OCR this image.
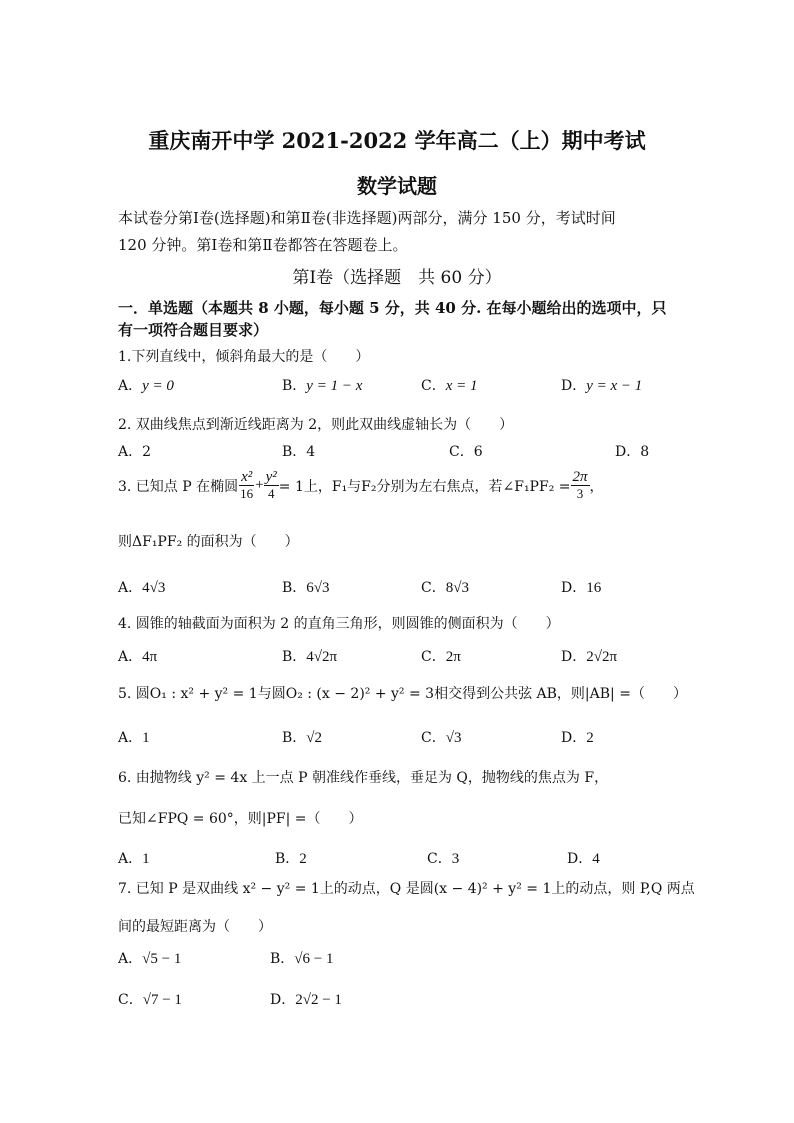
重庆南开中学 2021-2022 学年高二（上）期中考试
数学试题
本试卷分第Ⅰ卷(选择题)和第Ⅱ卷(非选择题)两部分，满分 150 分，考试时间
120 分钟。第Ⅰ卷和第Ⅱ卷都答在答题卷上。
第Ⅰ卷（选择题　共 60 分）
一．单选题（本题共 8 小题，每小题 5 分，共 40 分. 在每小题给出的选项中，只
有一项符合题目要求）
1.下列直线中，倾斜角最大的是（　　）
A．y = 0	B．y = 1 − x	C．x = 1	D．y = x − 1
2. 双曲线焦点到渐近线距离为 2，则此双曲线虚轴长为（　　）
A．2	B．4	C．6	D．8
3. 已知点 P 在椭圆 $\frac{\text{x²}}{16} + \frac{\text{y²}}{4} = 1$上，F₁与F₂分别为左右焦点，若∠F₁PF₂ = $\frac{2\pi}{3}$ ，
则ΔF₁PF₂ 的面积为（　　）
A．4√3	B．6√3	C．8√3	D．16
4. 圆锥的轴截面为面积为 2 的直角三角形，则圆锥的侧面积为（　　）
A．4π	B．4√2π	C．2π	D．2√2π
5. 圆O₁ : x² + y² = 1与圆O₂ : (x − 2)² + y² = 3相交得到公共弦 AB，则|AB| =（　　）
A．1	B．√2	C．√3	D．2
6. 由抛物线 y² = 4x 上一点 P 朝准线作垂线，垂足为 Q，抛物线的焦点为 F，
已知∠FPQ = 60°，则|PF| =（　　）
A．1	B．2	C．3	D．4
7. 已知 P 是双曲线 x² − y² = 1上的动点，Q 是圆(x − 4)² + y² = 1上的动点，则 P,Q 两点
间的最短距离为（　　）
A．√5 − 1	B．√6 − 1
C．√7 − 1	D．2√2 − 1
